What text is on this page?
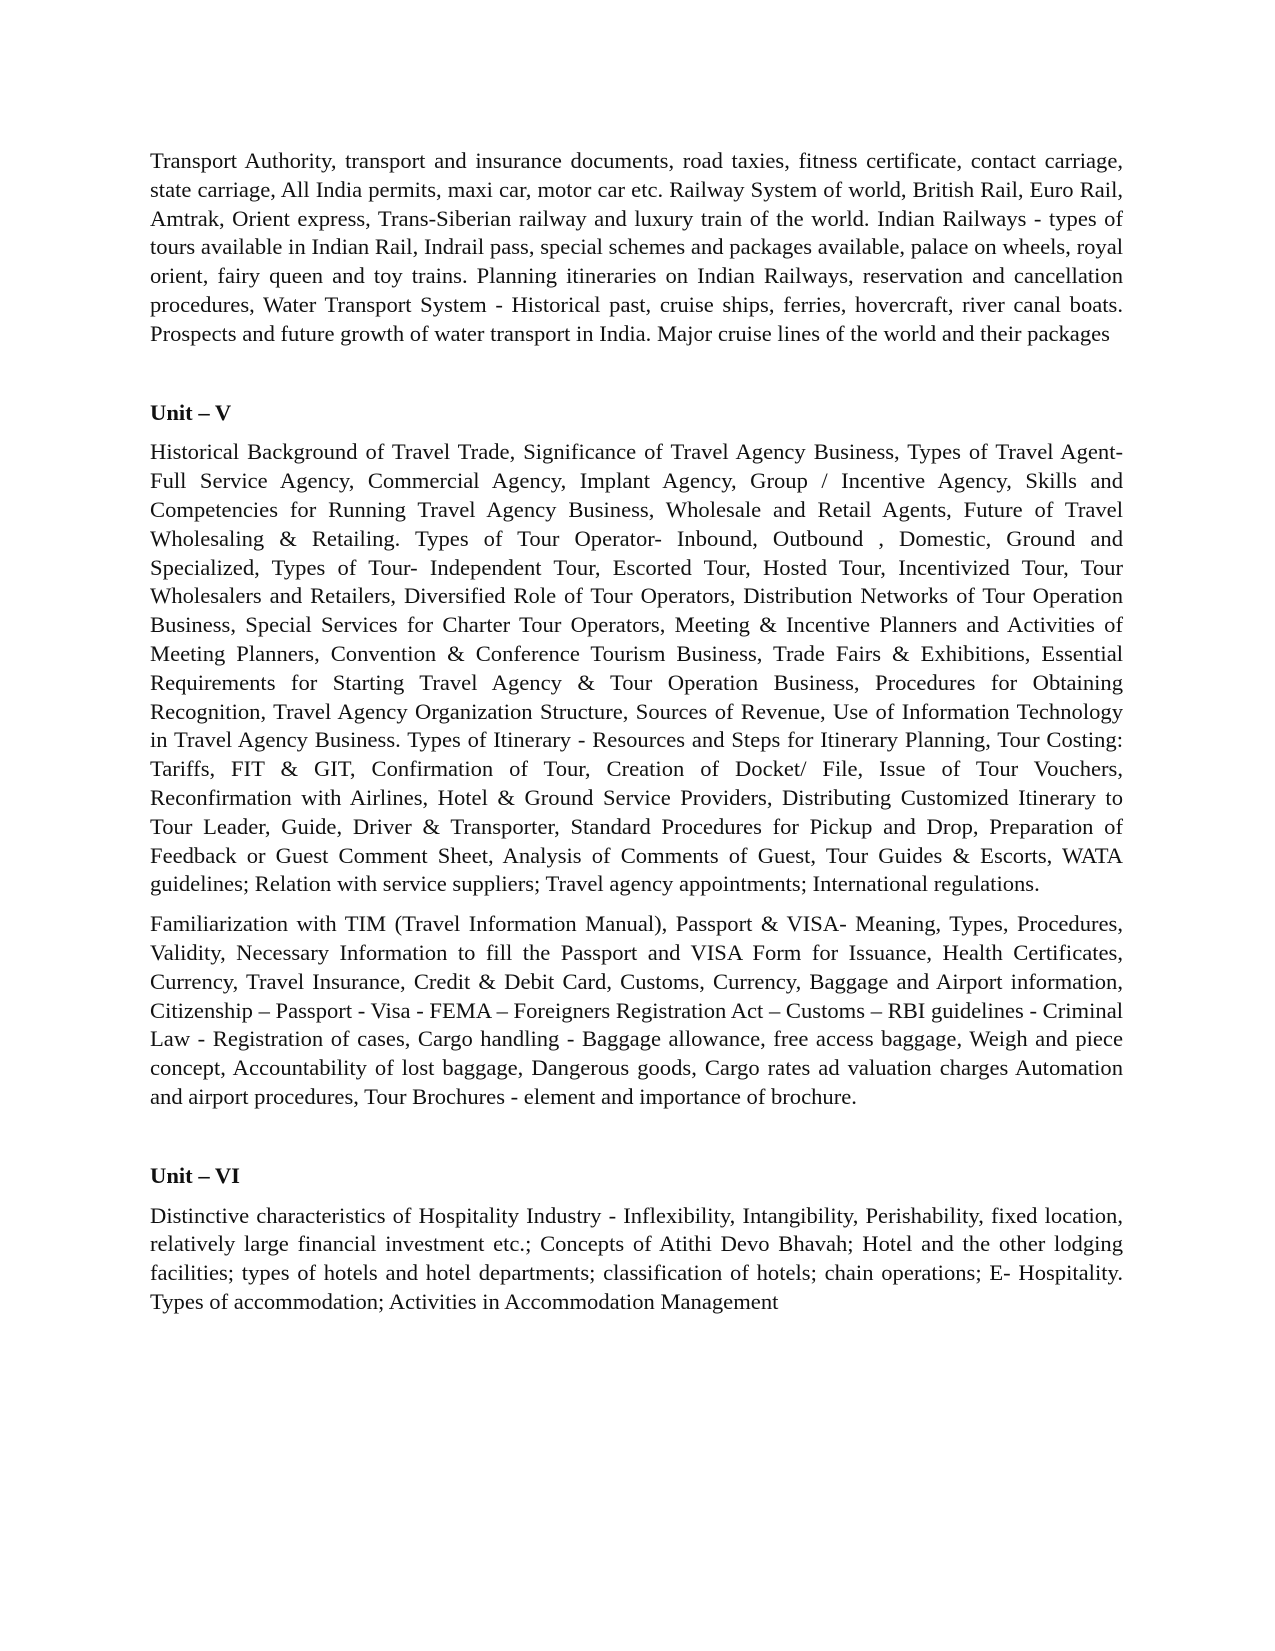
Transport Authority, transport and insurance documents, road taxies, fitness certificate, contact carriage, state carriage, All India permits, maxi car, motor car etc. Railway System of world, British Rail, Euro Rail, Amtrak, Orient express, Trans-Siberian railway and luxury train of the world. Indian Railways - types of tours available in Indian Rail, Indrail pass, special schemes and packages available, palace on wheels, royal orient, fairy queen and toy trains. Planning itineraries on Indian Railways, reservation and cancellation procedures, Water Transport System - Historical past, cruise ships, ferries, hovercraft, river canal boats. Prospects and future growth of water transport in India. Major cruise lines of the world and their packages

Unit – V

Historical Background of Travel Trade, Significance of Travel Agency Business, Types of Travel Agent- Full Service Agency, Commercial Agency, Implant Agency, Group / Incentive Agency, Skills and Competencies for Running Travel Agency Business, Wholesale and Retail Agents, Future of Travel Wholesaling & Retailing. Types of Tour Operator- Inbound, Outbound , Domestic, Ground and Specialized, Types of Tour- Independent Tour, Escorted Tour, Hosted Tour, Incentivized Tour, Tour Wholesalers and Retailers, Diversified Role of Tour Operators, Distribution Networks of Tour Operation Business, Special Services for Charter Tour Operators, Meeting & Incentive Planners and Activities of Meeting Planners, Convention & Conference Tourism Business, Trade Fairs & Exhibitions, Essential Requirements for Starting Travel Agency & Tour Operation Business, Procedures for Obtaining Recognition, Travel Agency Organization Structure, Sources of Revenue, Use of Information Technology in Travel Agency Business. Types of Itinerary - Resources and Steps for Itinerary Planning, Tour Costing: Tariffs, FIT & GIT, Confirmation of Tour, Creation of Docket/ File, Issue of Tour Vouchers, Reconfirmation with Airlines, Hotel & Ground Service Providers, Distributing Customized Itinerary to Tour Leader, Guide, Driver & Transporter, Standard Procedures for Pickup and Drop, Preparation of Feedback or Guest Comment Sheet, Analysis of Comments of Guest, Tour Guides & Escorts, WATA guidelines; Relation with service suppliers; Travel agency appointments; International regulations.

Familiarization with TIM (Travel Information Manual), Passport & VISA- Meaning, Types, Procedures, Validity, Necessary Information to fill the Passport and VISA Form for Issuance, Health Certificates, Currency, Travel Insurance, Credit & Debit Card, Customs, Currency, Baggage and Airport information, Citizenship – Passport - Visa - FEMA – Foreigners Registration Act – Customs – RBI guidelines - Criminal Law - Registration of cases, Cargo handling - Baggage allowance, free access baggage, Weigh and piece concept, Accountability of lost baggage, Dangerous goods, Cargo rates ad valuation charges Automation and airport procedures, Tour Brochures - element and importance of brochure.

Unit – VI

Distinctive characteristics of Hospitality Industry - Inflexibility, Intangibility, Perishability, fixed location, relatively large financial investment etc.; Concepts of Atithi Devo Bhavah; Hotel and the other lodging facilities; types of hotels and hotel departments; classification of hotels; chain operations; E- Hospitality. Types of accommodation; Activities in Accommodation Management
